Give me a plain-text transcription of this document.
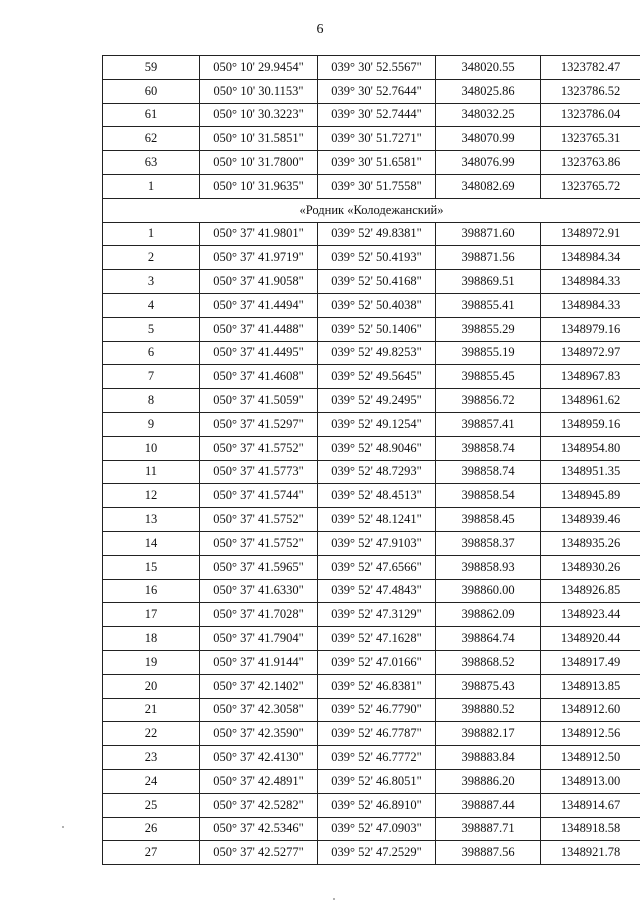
6
59	050° 10' 29.9454"	039° 30' 52.5567"	348020.55	1323782.47
60	050° 10' 30.1153"	039° 30' 52.7644"	348025.86	1323786.52
61	050° 10' 30.3223"	039° 30' 52.7444"	348032.25	1323786.04
62	050° 10' 31.5851"	039° 30' 51.7271"	348070.99	1323765.31
63	050° 10' 31.7800"	039° 30' 51.6581"	348076.99	1323763.86
1	050° 10' 31.9635"	039° 30' 51.7558"	348082.69	1323765.72
«Родник «Колодежанский»				
1	050° 37' 41.9801"	039° 52' 49.8381"	398871.60	1348972.91
2	050° 37' 41.9719"	039° 52' 50.4193"	398871.56	1348984.34
3	050° 37' 41.9058"	039° 52' 50.4168"	398869.51	1348984.33
4	050° 37' 41.4494"	039° 52' 50.4038"	398855.41	1348984.33
5	050° 37' 41.4488"	039° 52' 50.1406"	398855.29	1348979.16
6	050° 37' 41.4495"	039° 52' 49.8253"	398855.19	1348972.97
7	050° 37' 41.4608"	039° 52' 49.5645"	398855.45	1348967.83
8	050° 37' 41.5059"	039° 52' 49.2495"	398856.72	1348961.62
9	050° 37' 41.5297"	039° 52' 49.1254"	398857.41	1348959.16
10	050° 37' 41.5752"	039° 52' 48.9046"	398858.74	1348954.80
11	050° 37' 41.5773"	039° 52' 48.7293"	398858.74	1348951.35
12	050° 37' 41.5744"	039° 52' 48.4513"	398858.54	1348945.89
13	050° 37' 41.5752"	039° 52' 48.1241"	398858.45	1348939.46
14	050° 37' 41.5752"	039° 52' 47.9103"	398858.37	1348935.26
15	050° 37' 41.5965"	039° 52' 47.6566"	398858.93	1348930.26
16	050° 37' 41.6330"	039° 52' 47.4843"	398860.00	1348926.85
17	050° 37' 41.7028"	039° 52' 47.3129"	398862.09	1348923.44
18	050° 37' 41.7904"	039° 52' 47.1628"	398864.74	1348920.44
19	050° 37' 41.9144"	039° 52' 47.0166"	398868.52	1348917.49
20	050° 37' 42.1402"	039° 52' 46.8381"	398875.43	1348913.85
21	050° 37' 42.3058"	039° 52' 46.7790"	398880.52	1348912.60
22	050° 37' 42.3590"	039° 52' 46.7787"	398882.17	1348912.56
23	050° 37' 42.4130"	039° 52' 46.7772"	398883.84	1348912.50
24	050° 37' 42.4891"	039° 52' 46.8051"	398886.20	1348913.00
25	050° 37' 42.5282"	039° 52' 46.8910"	398887.44	1348914.67
26	050° 37' 42.5346"	039° 52' 47.0903"	398887.71	1348918.58
27	050° 37' 42.5277"	039° 52' 47.2529"	398887.56	1348921.78
